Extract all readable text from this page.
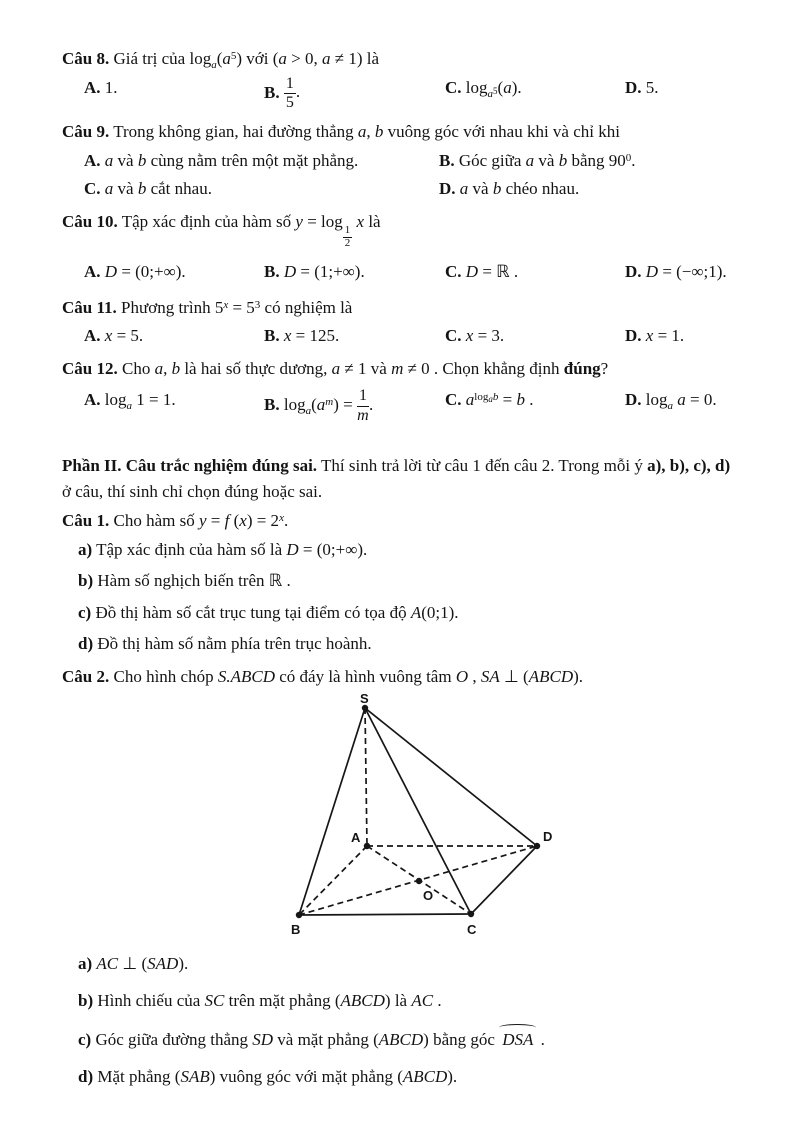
Câu 8. Giá trị của $\log_a(a^5)$ với (a > 0, a ≠ 1) là
A. 1.	B. $\frac{1}{5}$ .	C. $\log_{a^5}(a)$.	D. 5.
Câu 9. Trong không gian, hai đường thẳng a, b vuông góc với nhau khi và chỉ khi
A. a và b cùng nằm trên một mặt phẳng.	B. Góc giữa a và b bằng $90^0$.
C. a và b cắt nhau.	D. a và b chéo nhau.
Câu 10. Tập xác định của hàm số y = log
$_{\frac{1}{2}}$
x là
A. D = (0;+∞).	B. D = (1;+∞).	C. D = ℝ .	D. D = (−∞;1).
Câu 11. Phương trình $5^x = 5^3$ có nghiệm là
A. x = 5.	B. x = 125.	C. x = 3.	D. x = 1.
Câu 12. Cho a, b là hai số thực dương, a ≠ 1 và m ≠ 0 . Chọn khẳng định đúng?
A. $\log_a 1 = 1$.	B. $\log_a(a^m) = \frac{1}{m}$ .	C. $a^{log_ab} = b$ .	D. $\log_a a = 0$.
Phần II. Câu trắc nghiệm đúng sai. Thí sinh trả lời từ câu 1 đến câu 2. Trong mỗi ý a), b), c), d) ở câu, thí sinh chỉ chọn đúng hoặc sai.
Câu 1. Cho hàm số y = f $(x) = 2^x$.
a) Tập xác định của hàm số là D = (0;+∞).
b) Hàm số nghịch biến trên ℝ .
c) Đồ thị hàm số cắt trục tung tại điểm có tọa độ A(0;1).
d) Đồ thị hàm số nằm phía trên trục hoành.
Câu 2. Cho hình chóp S.ABCD có đáy là hình vuông tâm O , SA ⊥ (ABCD).
S
A
B	C
D
O
a) AC ⊥ (SAD).
b) Hình chiếu của SC trên mặt phẳng (ABCD) là AC .
c) Góc giữa đường thẳng SD và mặt phẳng (ABCD) bằng góc DSA .
d) Mặt phẳng (SAB) vuông góc với mặt phẳng (ABCD).
